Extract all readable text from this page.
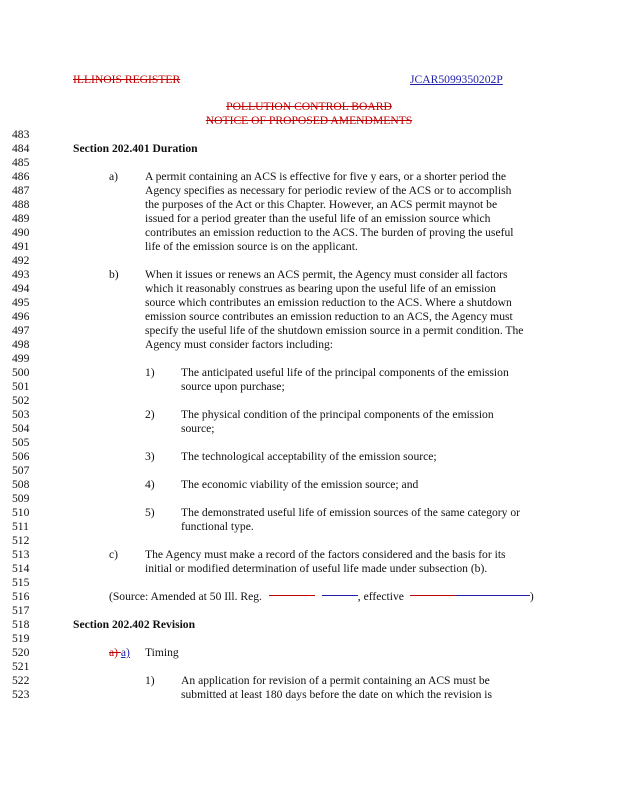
ILLINOIS REGISTER	JCAR5099350202P
POLLUTION CONTROL BOARD
NOTICE OF PROPOSED AMENDMENTS
483
484	Section 202.401 Duration
485
486	a) A permit containing an ACS is effective for five y ears, or a shorter period the
487	Agency specifies as necessary for periodic review of the ACS or to accomplish
488	the purposes of the Act or this Chapter. However, an ACS permit maynot be
489	issued for a period greater than the useful life of an emission source which
490	contributes an emission reduction to the ACS. The burden of proving the useful
491	life of the emission source is on the applicant.
492
493	b) When it issues or renews an ACS permit, the Agency must consider all factors
494	which it reasonably construes as bearing upon the useful life of an emission
495	source which contributes an emission reduction to the ACS. Where a shutdown
496	emission source contributes an emission reduction to an ACS, the Agency must
497	specify the useful life of the shutdown emission source in a permit condition. The
498	Agency must consider factors including:
499
500	1) The anticipated useful life of the principal components of the emission
501	source upon purchase;
502
503	2) The physical condition of the principal components of the emission
504	source;
505
506	3) The technological acceptability of the emission source;
507
508	4) The economic viability of the emission source; and
509
510	5) The demonstrated useful life of emission sources of the same category or
511	functional type.
512
513	c) The Agency must make a record of the factors considered and the basis for its
514	initial or modified determination of useful life made under subsection (b).
515
516	(Source: Amended at 50 Ill. Reg.	, effective	)
517
518	Section 202.402 Revision
519
520	a) a) Timing
521
522	1) An application for revision of a permit containing an ACS must be
523	submitted at least 180 days before the date on which the revision is
